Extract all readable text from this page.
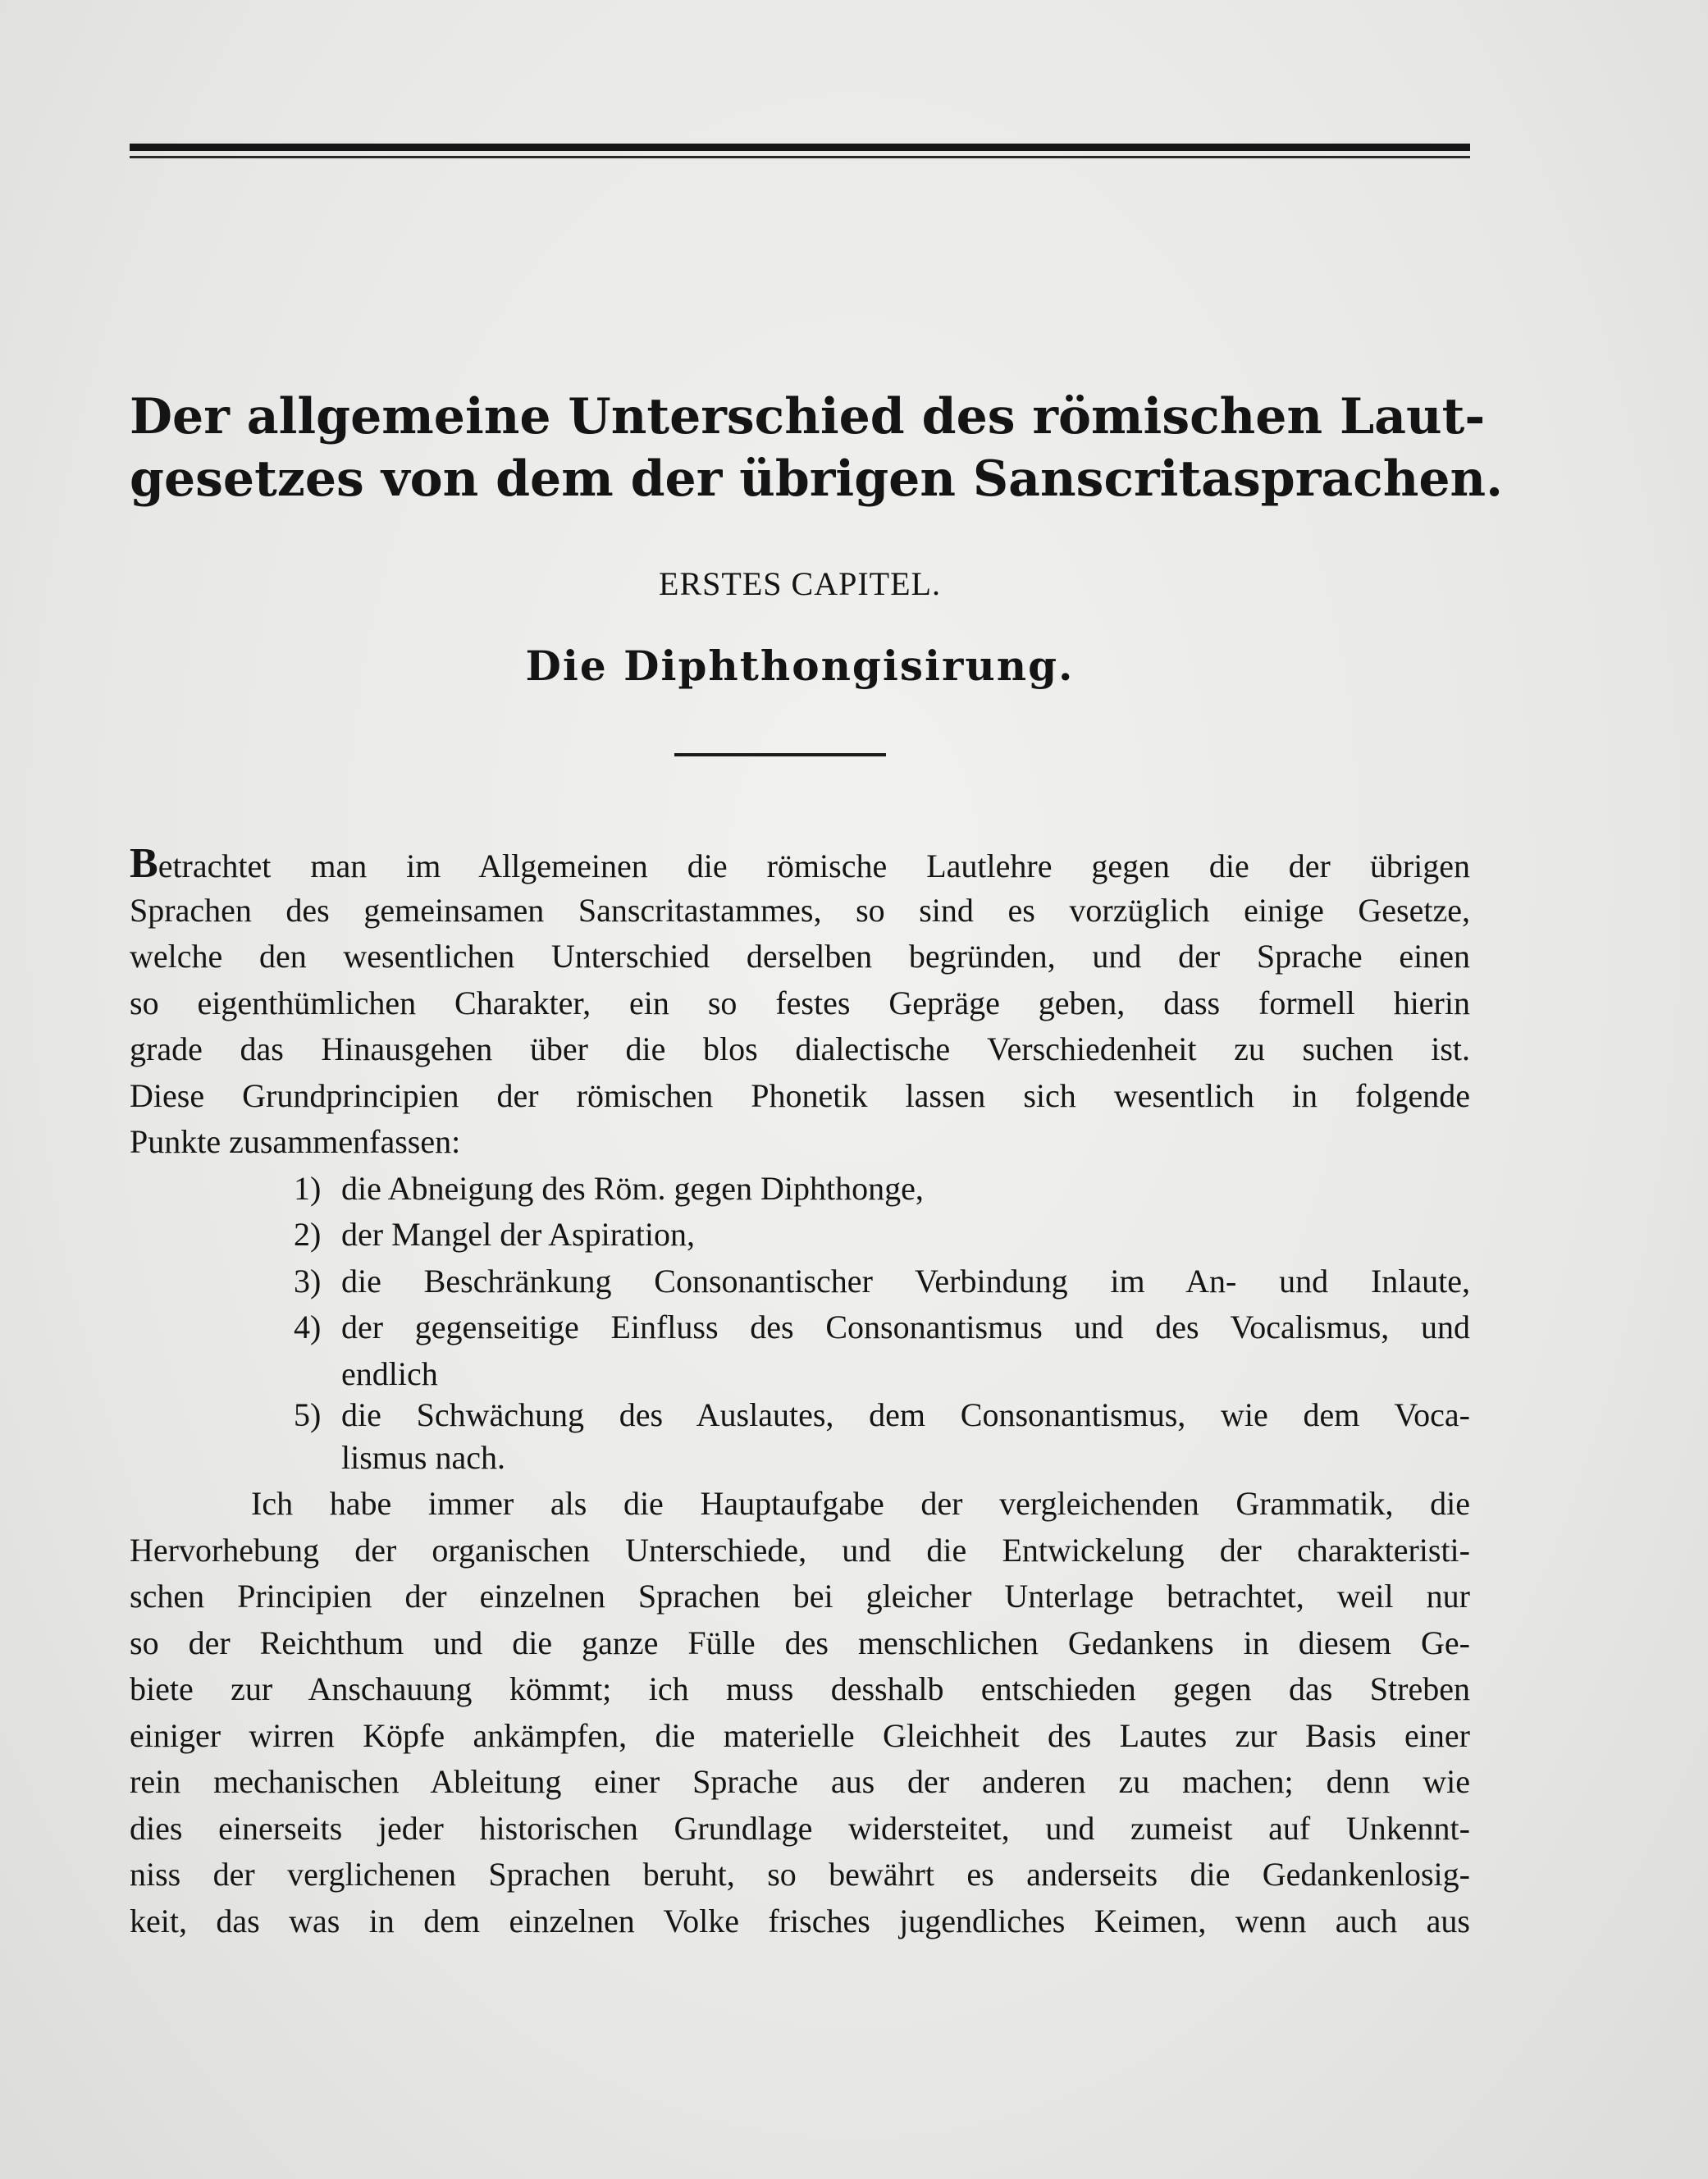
Der allgemeine Unterschied des römischen Laut-
gesetzes von dem der übrigen Sanscritasprachen.
ERSTES CAPITEL.
Die Diphthongisirung.
Betrachtet man im Allgemeinen die römische Lautlehre gegen die der übrigen
Sprachen des gemeinsamen Sanscritastammes, so sind es vorzüglich einige Gesetze,
welche den wesentlichen Unterschied derselben begründen, und der Sprache einen
so eigenthümlichen Charakter, ein so festes Gepräge geben, dass formell hierin
grade das Hinausgehen über die blos dialectische Verschiedenheit zu suchen ist.
Diese Grundprincipien der römischen Phonetik lassen sich wesentlich in folgende
Punkte zusammenfassen:
1) die Abneigung des Röm. gegen Diphthonge,
2) der Mangel der Aspiration,
3) die Beschränkung Consonantischer Verbindung im An- und Inlaute,
4) der gegenseitige Einfluss des Consonantismus und des Vocalismus, und
endlich
5) die Schwächung des Auslautes, dem Consonantismus, wie dem Voca-
lismus nach.
Ich habe immer als die Hauptaufgabe der vergleichenden Grammatik, die
Hervorhebung der organischen Unterschiede, und die Entwickelung der charakteristi-
schen Principien der einzelnen Sprachen bei gleicher Unterlage betrachtet, weil nur
so der Reichthum und die ganze Fülle des menschlichen Gedankens in diesem Ge-
biete zur Anschauung kömmt; ich muss desshalb entschieden gegen das Streben
einiger wirren Köpfe ankämpfen, die materielle Gleichheit des Lautes zur Basis einer
rein mechanischen Ableitung einer Sprache aus der anderen zu machen; denn wie
dies einerseits jeder historischen Grundlage widersteitet, und zumeist auf Unkennt-
niss der verglichenen Sprachen beruht, so bewährt es anderseits die Gedankenlosig-
keit, das was in dem einzelnen Volke frisches jugendliches Keimen, wenn auch aus
